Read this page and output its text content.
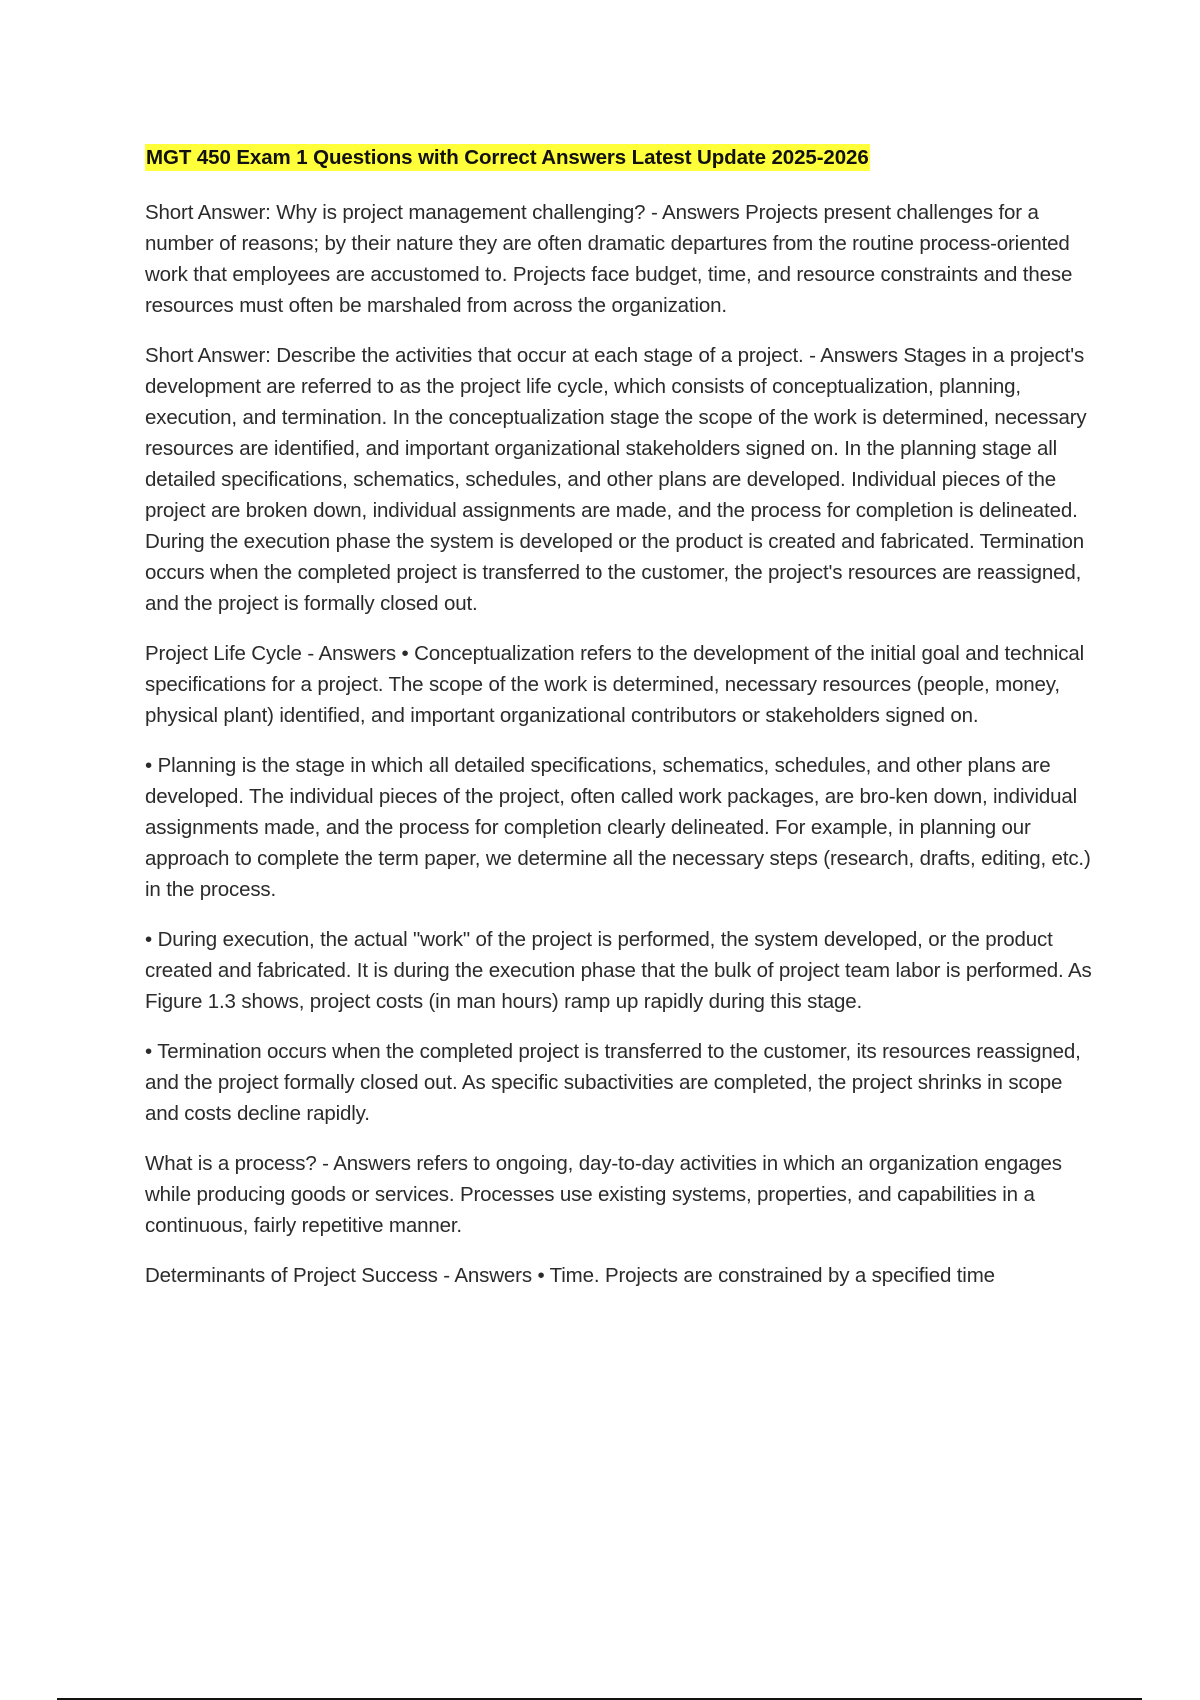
MGT 450 Exam 1 Questions with Correct Answers Latest Update 2025-2026

Short Answer: Why is project management challenging? - Answers Projects present challenges for a number of reasons; by their nature they are often dramatic departures from the routine process-oriented work that employees are accustomed to. Projects face budget, time, and resource constraints and these resources must often be marshaled from across the organization.

Short Answer: Describe the activities that occur at each stage of a project. - Answers Stages in a project's development are referred to as the project life cycle, which consists of conceptualization, planning, execution, and termination. In the conceptualization stage the scope of the work is determined, necessary resources are identified, and important organizational stakeholders signed on. In the planning stage all detailed specifications, schematics, schedules, and other plans are developed. Individual pieces of the project are broken down, individual assignments are made, and the process for completion is delineated. During the execution phase the system is developed or the product is created and fabricated. Termination occurs when the completed project is transferred to the customer, the project's resources are reassigned, and the project is formally closed out.

Project Life Cycle - Answers • Conceptualization refers to the development of the initial goal and technical specifications for a project. The scope of the work is determined, necessary resources (people, money, physical plant) identified, and important organizational contributors or stakeholders signed on.

• Planning is the stage in which all detailed specifications, schematics, schedules, and other plans are developed. The individual pieces of the project, often called work packages, are bro-ken down, individual assignments made, and the process for completion clearly delineated. For example, in planning our approach to complete the term paper, we determine all the necessary steps (research, drafts, editing, etc.) in the process.

• During execution, the actual "work" of the project is performed, the system developed, or the product created and fabricated. It is during the execution phase that the bulk of project team labor is performed. As Figure 1.3 shows, project costs (in man hours) ramp up rapidly during this stage.

• Termination occurs when the completed project is transferred to the customer, its resources reassigned, and the project formally closed out. As specific subactivities are completed, the project shrinks in scope and costs decline rapidly.

What is a process? - Answers refers to ongoing, day-to-day activities in which an organization engages while producing goods or services. Processes use existing systems, properties, and capabilities in a continuous, fairly repetitive manner.

Determinants of Project Success - Answers • Time. Projects are constrained by a specified time
